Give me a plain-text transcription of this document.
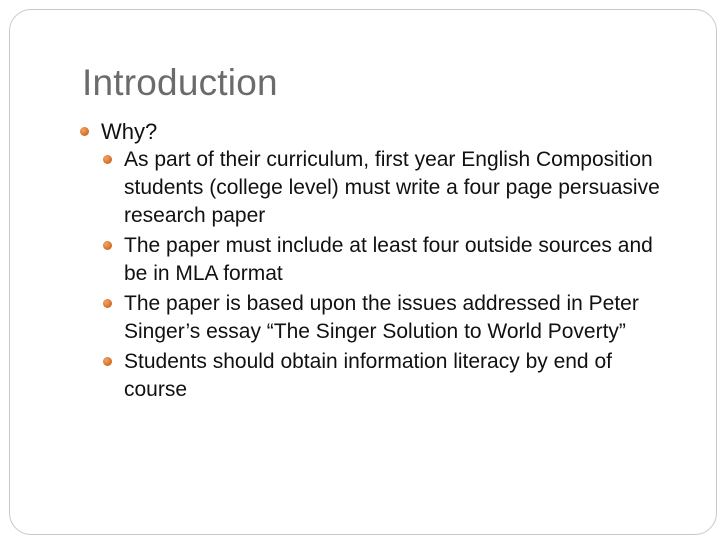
Introduction
Why?
As part of their curriculum, first year English Composition students (college level) must write a four page persuasive research paper
The paper must include at least four outside sources and be in MLA format
The paper is based upon the issues addressed in Peter Singer’s essay “The Singer Solution to World Poverty”
Students should obtain information literacy by end of course
